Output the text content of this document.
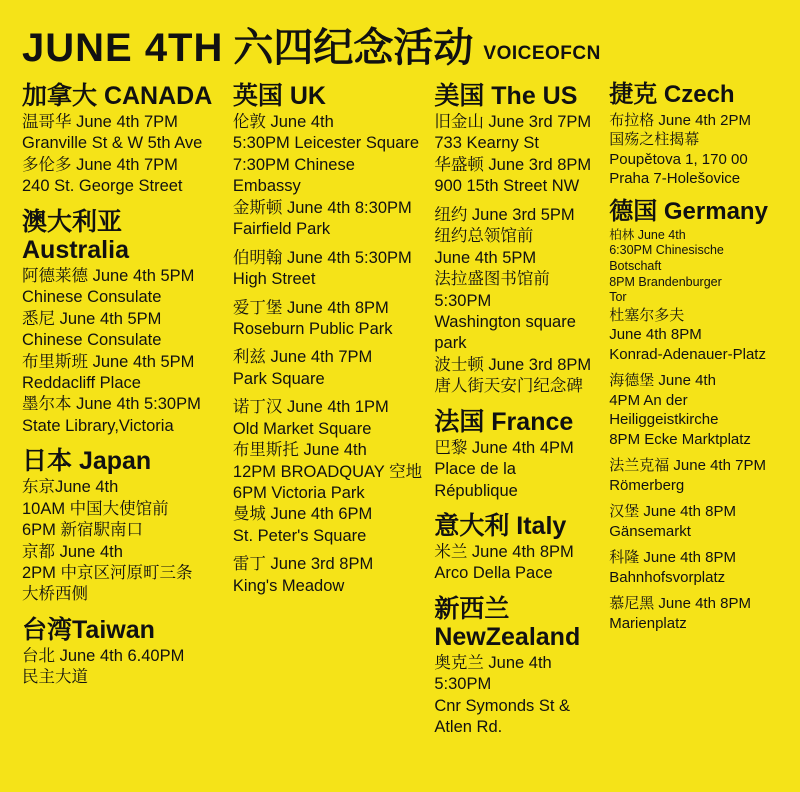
JUNE 4TH 六四纪念活动 VOICEOFCN
加拿大 CANADA
温哥华 June 4th 7PM
Granville St & W 5th Ave
多伦多 June 4th 7PM
240 St. George Street
澳大利亚 Australia
阿德莱德 June 4th 5PM
Chinese Consulate
悉尼 June 4th 5PM
Chinese Consulate
布里斯班 June 4th 5PM
Reddacliff Place
墨尔本 June 4th 5:30PM
State Library,Victoria
日本 Japan
东京June 4th
10AM 中国大使馆前
6PM 新宿駅南口
京都 June 4th
2PM 中京区河原町三条
大桥西侧
台湾Taiwan
台北 June 4th 6.40PM
民主大道
英国 UK
伦敦 June 4th
5:30PM Leicester Square
7:30PM Chinese Embassy
金斯顿 June 4th 8:30PM
Fairfield Park
伯明翰 June 4th 5:30PM
High Street
爱丁堡 June 4th 8PM
Roseburn Public Park
利兹 June 4th 7PM
Park Square
诺丁汉 June 4th 1PM
Old Market Square
布里斯托 June 4th
12PM BROADQUAY 空地
6PM Victoria Park
曼城 June 4th 6PM
St. Peter's Square
雷丁 June 3rd 8PM
King's Meadow
美国 The US
旧金山 June 3rd 7PM
733 Kearny St
华盛顿 June 3rd 8PM
900 15th Street NW
纽约 June 3rd 5PM
纽约总领馆前
June 4th 5PM
法拉盛图书馆前
5:30PM
Washington square
park
波士顿 June 3rd 8PM
唐人街天安门纪念碑
法国 France
巴黎 June 4th 4PM
Place de la République
意大利 Italy
米兰 June 4th 8PM
Arco Della Pace
新西兰 NewZealand
奥克兰 June 4th 5:30PM
Cnr Symonds St & Atlen Rd.
捷克 Czech
布拉格 June 4th 2PM
国殇之柱揭幕
Poupětova 1, 170 00
Praha 7-Holešovice
德国 Germany
柏林 June 4th
6:30PM Chinesische
Botschaft
8PM Brandenburger
Tor
杜塞尔多夫
June 4th 8PM
Konrad-Adenauer-Platz
海德堡 June 4th
4PM An der
Heiliggeistkirche
8PM Ecke Marktplatz
法兰克福 June 4th 7PM
Römerberg
汉堡 June 4th 8PM
Gänsemarkt
科隆 June 4th 8PM
Bahnhofsvorplatz
慕尼黑 June 4th 8PM
Marienplatz
